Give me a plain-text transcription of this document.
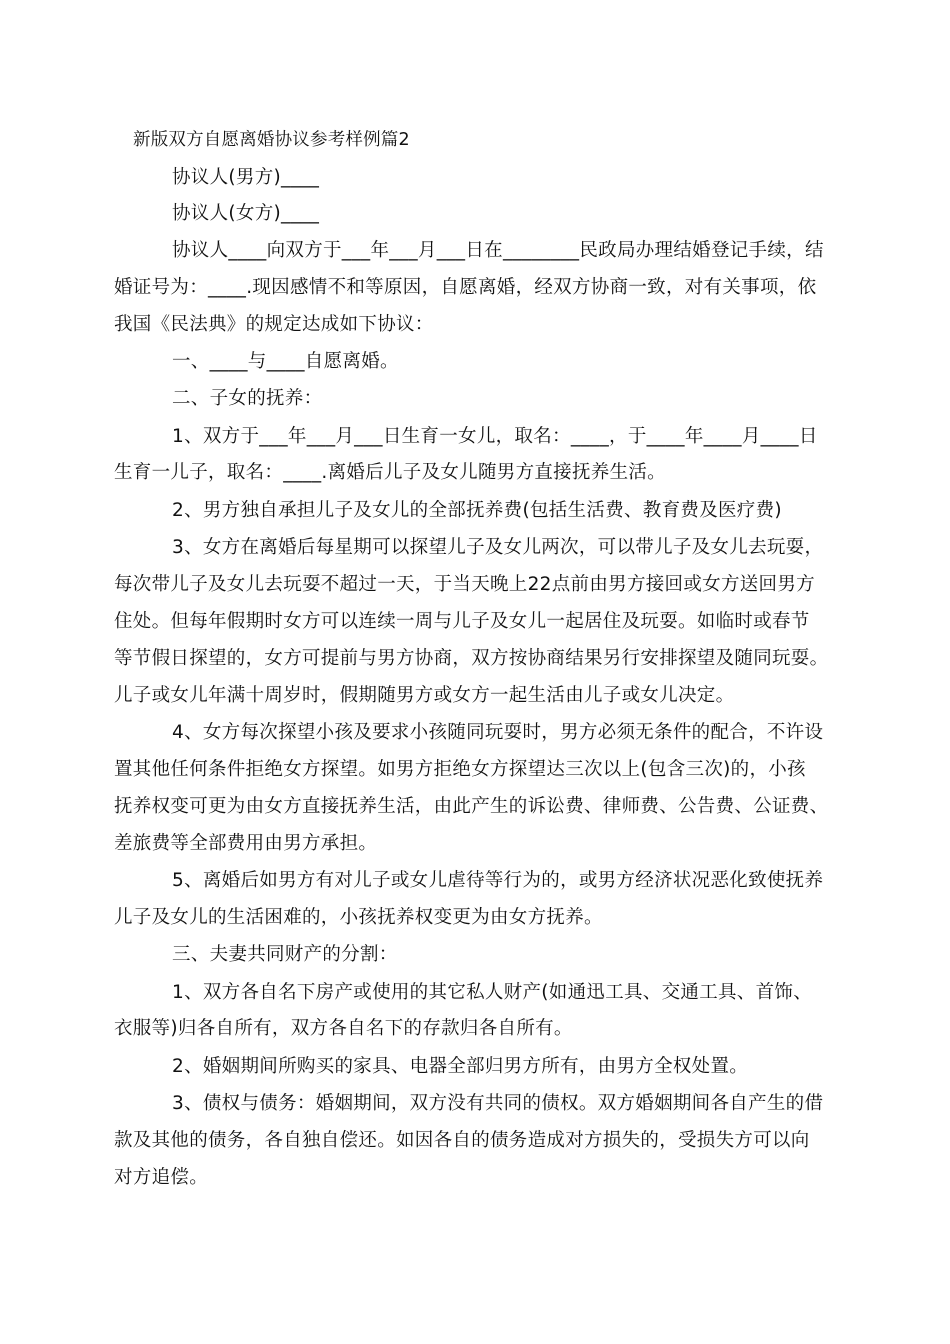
新版双方自愿离婚协议参考样例篇2
协议人(男方)____
协议人(女方)____
协议人____向双方于___年___月___日在________民政局办理结婚登记手续，结
婚证号为：____.现因感情不和等原因，自愿离婚，经双方协商一致，对有关事项，依
我国《民法典》的规定达成如下协议：
一、____与____自愿离婚。
二、子女的抚养：
1、双方于___年___月___日生育一女儿，取名：____，于____年____月____日
生育一儿子，取名：____.离婚后儿子及女儿随男方直接抚养生活。
2、男方独自承担儿子及女儿的全部抚养费(包括生活费、教育费及医疗费)
3、女方在离婚后每星期可以探望儿子及女儿两次，可以带儿子及女儿去玩耍，
每次带儿子及女儿去玩耍不超过一天，于当天晚上22点前由男方接回或女方送回男方
住处。但每年假期时女方可以连续一周与儿子及女儿一起居住及玩耍。如临时或春节
等节假日探望的，女方可提前与男方协商，双方按协商结果另行安排探望及随同玩耍。
儿子或女儿年满十周岁时，假期随男方或女方一起生活由儿子或女儿决定。
4、女方每次探望小孩及要求小孩随同玩耍时，男方必须无条件的配合，不许设
置其他任何条件拒绝女方探望。如男方拒绝女方探望达三次以上(包含三次)的，小孩
抚养权变可更为由女方直接抚养生活，由此产生的诉讼费、律师费、公告费、公证费、
差旅费等全部费用由男方承担。
5、离婚后如男方有对儿子或女儿虐待等行为的，或男方经济状况恶化致使抚养
儿子及女儿的生活困难的，小孩抚养权变更为由女方抚养。
三、夫妻共同财产的分割：
1、双方各自名下房产或使用的其它私人财产(如通迅工具、交通工具、首饰、
衣服等)归各自所有，双方各自名下的存款归各自所有。
2、婚姻期间所购买的家具、电器全部归男方所有，由男方全权处置。
3、债权与债务：婚姻期间，双方没有共同的债权。双方婚姻期间各自产生的借
款及其他的债务，各自独自偿还。如因各自的债务造成对方损失的，受损失方可以向
对方追偿。
